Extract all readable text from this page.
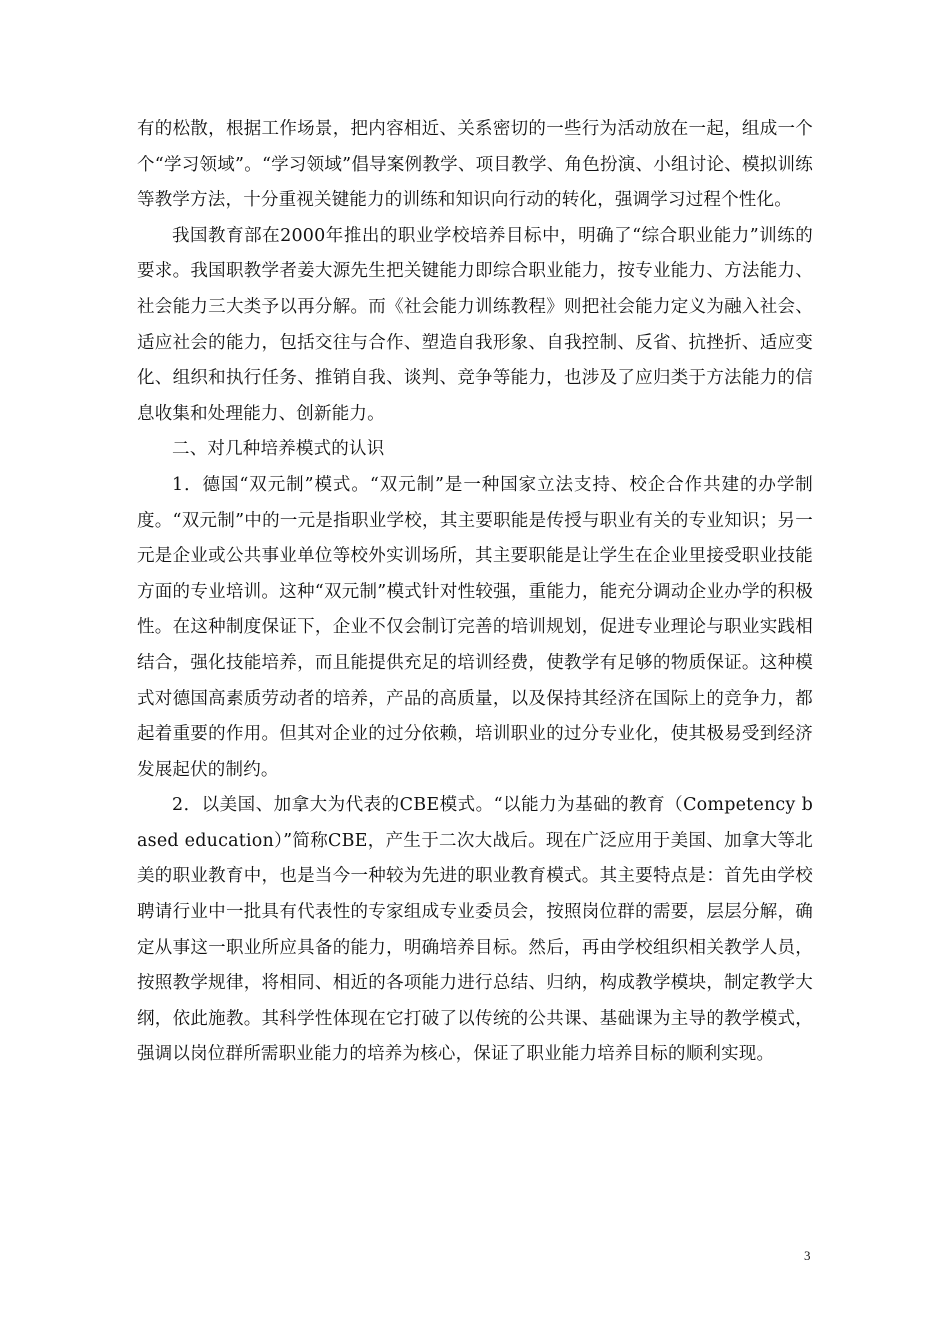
有的松散，根据工作场景，把内容相近、关系密切的一些行为活动放在一起，组成一个个“学习领域”。“学习领域”倡导案例教学、项目教学、角色扮演、小组讨论、模拟训练等教学方法，十分重视关键能力的训练和知识向行动的转化，强调学习过程个性化。

我国教育部在2000年推出的职业学校培养目标中，明确了“综合职业能力”训练的要求。我国职教学者姜大源先生把关键能力即综合职业能力，按专业能力、方法能力、社会能力三大类予以再分解。而《社会能力训练教程》则把社会能力定义为融入社会、适应社会的能力，包括交往与合作、塑造自我形象、自我控制、反省、抗挫折、适应变化、组织和执行任务、推销自我、谈判、竞争等能力，也涉及了应归类于方法能力的信息收集和处理能力、创新能力。

二、对几种培养模式的认识

1．德国“双元制”模式。“双元制”是一种国家立法支持、校企合作共建的办学制度。“双元制”中的一元是指职业学校，其主要职能是传授与职业有关的专业知识；另一元是企业或公共事业单位等校外实训场所，其主要职能是让学生在企业里接受职业技能方面的专业培训。这种“双元制”模式针对性较强，重能力，能充分调动企业办学的积极性。在这种制度保证下，企业不仅会制订完善的培训规划，促进专业理论与职业实践相结合，强化技能培养，而且能提供充足的培训经费，使教学有足够的物质保证。这种模式对德国高素质劳动者的培养，产品的高质量，以及保持其经济在国际上的竞争力，都起着重要的作用。但其对企业的过分依赖，培训职业的过分专业化，使其极易受到经济发展起伏的制约。

2．以美国、加拿大为代表的CBE模式。“以能力为基础的教育（Competency based education）”简称CBE，产生于二次大战后。现在广泛应用于美国、加拿大等北美的职业教育中，也是当今一种较为先进的职业教育模式。其主要特点是：首先由学校聘请行业中一批具有代表性的专家组成专业委员会，按照岗位群的需要，层层分解，确定从事这一职业所应具备的能力，明确培养目标。然后，再由学校组织相关教学人员，按照教学规律，将相同、相近的各项能力进行总结、归纳，构成教学模块，制定教学大纲，依此施教。其科学性体现在它打破了以传统的公共课、基础课为主导的教学模式，强调以岗位群所需职业能力的培养为核心，保证了职业能力培养目标的顺利实现。

3
